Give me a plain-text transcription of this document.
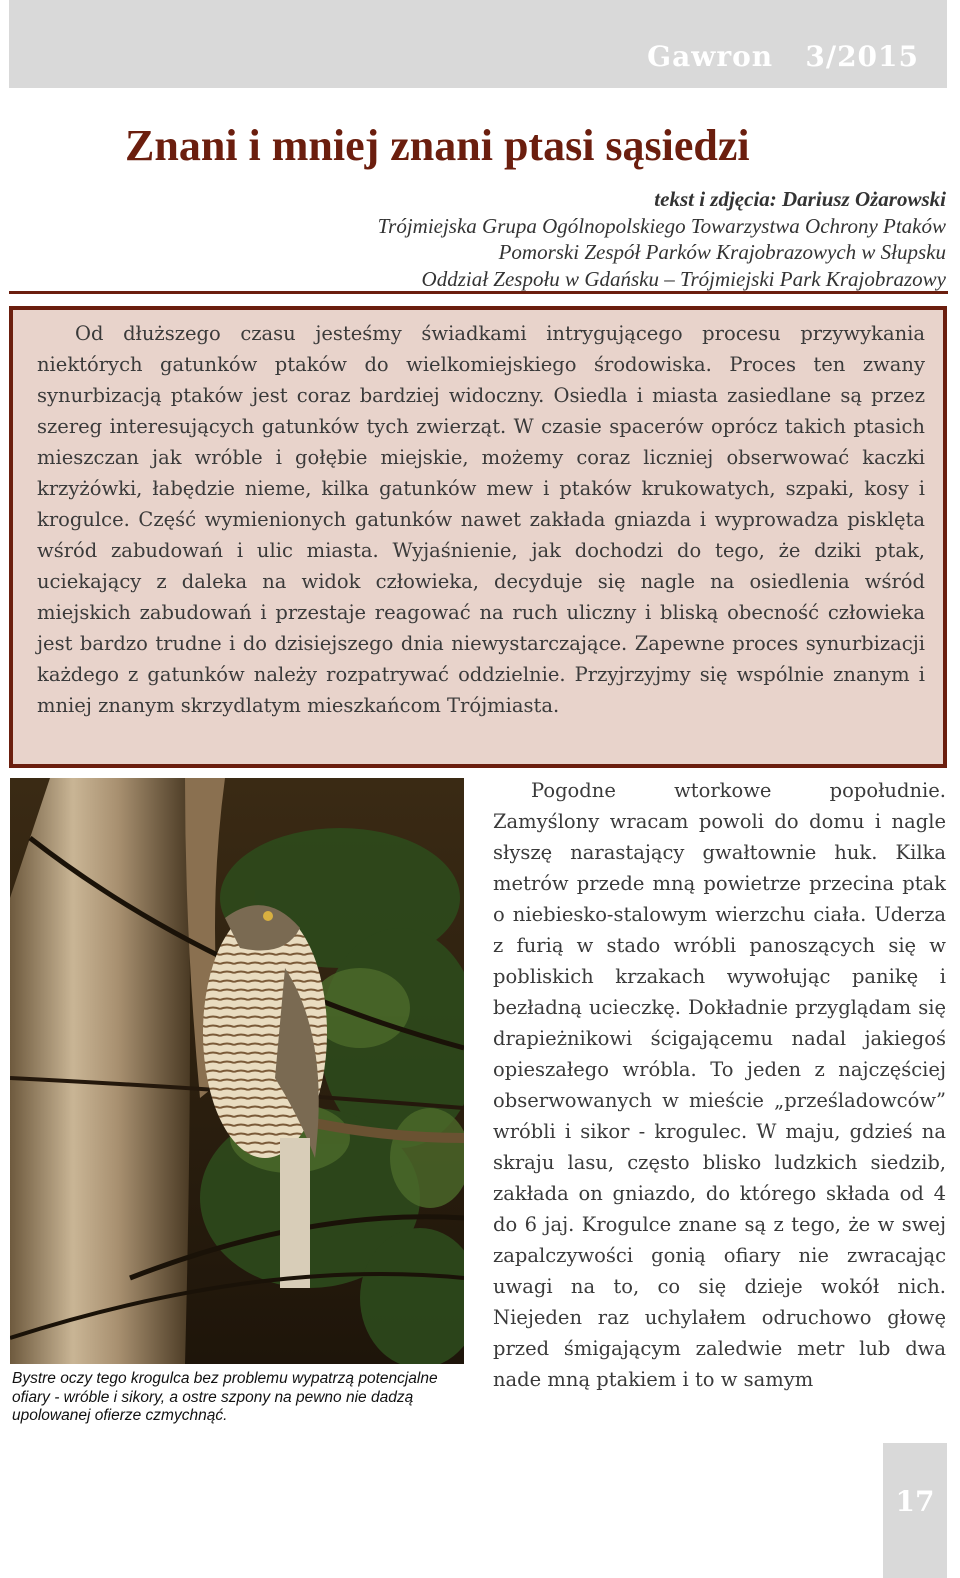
Gawron 3/2015
Znani i mniej znani ptasi sąsiedzi
tekst i zdjęcia: Dariusz Ożarowski
Trójmiejska Grupa Ogólnopolskiego Towarzystwa Ochrony Ptaków
Pomorski Zespół Parków Krajobrazowych w Słupsku
Oddział Zespołu w Gdańsku – Trójmiejski Park Krajobrazowy

Od dłuższego czasu jesteśmy świadkami intrygującego procesu przywykania niektórych gatunków ptaków do wielkomiejskiego środowiska. Proces ten zwany synurbizacją ptaków jest coraz bardziej widoczny. Osiedla i miasta zasiedlane są przez szereg interesujących gatunków tych zwierząt. W czasie spacerów oprócz takich ptasich mieszczan jak wróble i gołębie miejskie, możemy coraz liczniej obserwować kaczki krzyżówki, łabędzie nieme, kilka gatunków mew i ptaków krukowatych, szpaki, kosy i krogulce. Część wymienionych gatunków nawet zakłada gniazda i wyprowadza pisklęta wśród zabudowań i ulic miasta. Wyjaśnienie, jak dochodzi do tego, że dziki ptak, uciekający z daleka na widok człowieka, decyduje się nagle na osiedlenia wśród miejskich zabudowań i przestaje reagować na ruch uliczny i bliską obecność człowieka jest bardzo trudne i do dzisiejszego dnia niewystarczające. Zapewne proces synurbizacji każdego z gatunków należy rozpatrywać oddzielnie. Przyjrzyjmy się wspólnie znanym i mniej znanym skrzydlatym mieszkańcom Trójmiasta.

Bystre oczy tego krogulca bez problemu wypatrzą potencjalne ofiary - wróble i sikory, a ostre szpony na pewno nie dadzą upolowanej ofierze czmychnąć.

Pogodne wtorkowe popołudnie. Zamyślony wracam powoli do domu i nagle słyszę narastający gwałtownie huk. Kilka metrów przede mną powietrze przecina ptak o niebiesko-stalowym wierzchu ciała. Uderza z furią w stado wróbli panoszących się w pobliskich krzakach wywołując panikę i bezładną ucieczkę. Dokładnie przyglądam się drapieżnikowi ścigającemu nadal jakiegoś opieszałego wróbla. To jeden z najczęściej obserwowanych w mieście „prześladowców” wróbli i sikor - krogulec. W maju, gdzieś na skraju lasu, często blisko ludzkich siedzib, zakłada on gniazdo, do którego składa od 4 do 6 jaj. Krogulce znane są z tego, że w swej zapalczywości gonią ofiary nie zwracając uwagi na to, co się dzieje wokół nich. Niejeden raz uchylałem odruchowo głowę przed śmigającym zaledwie metr lub dwa nade mną ptakiem i to w samym

17
